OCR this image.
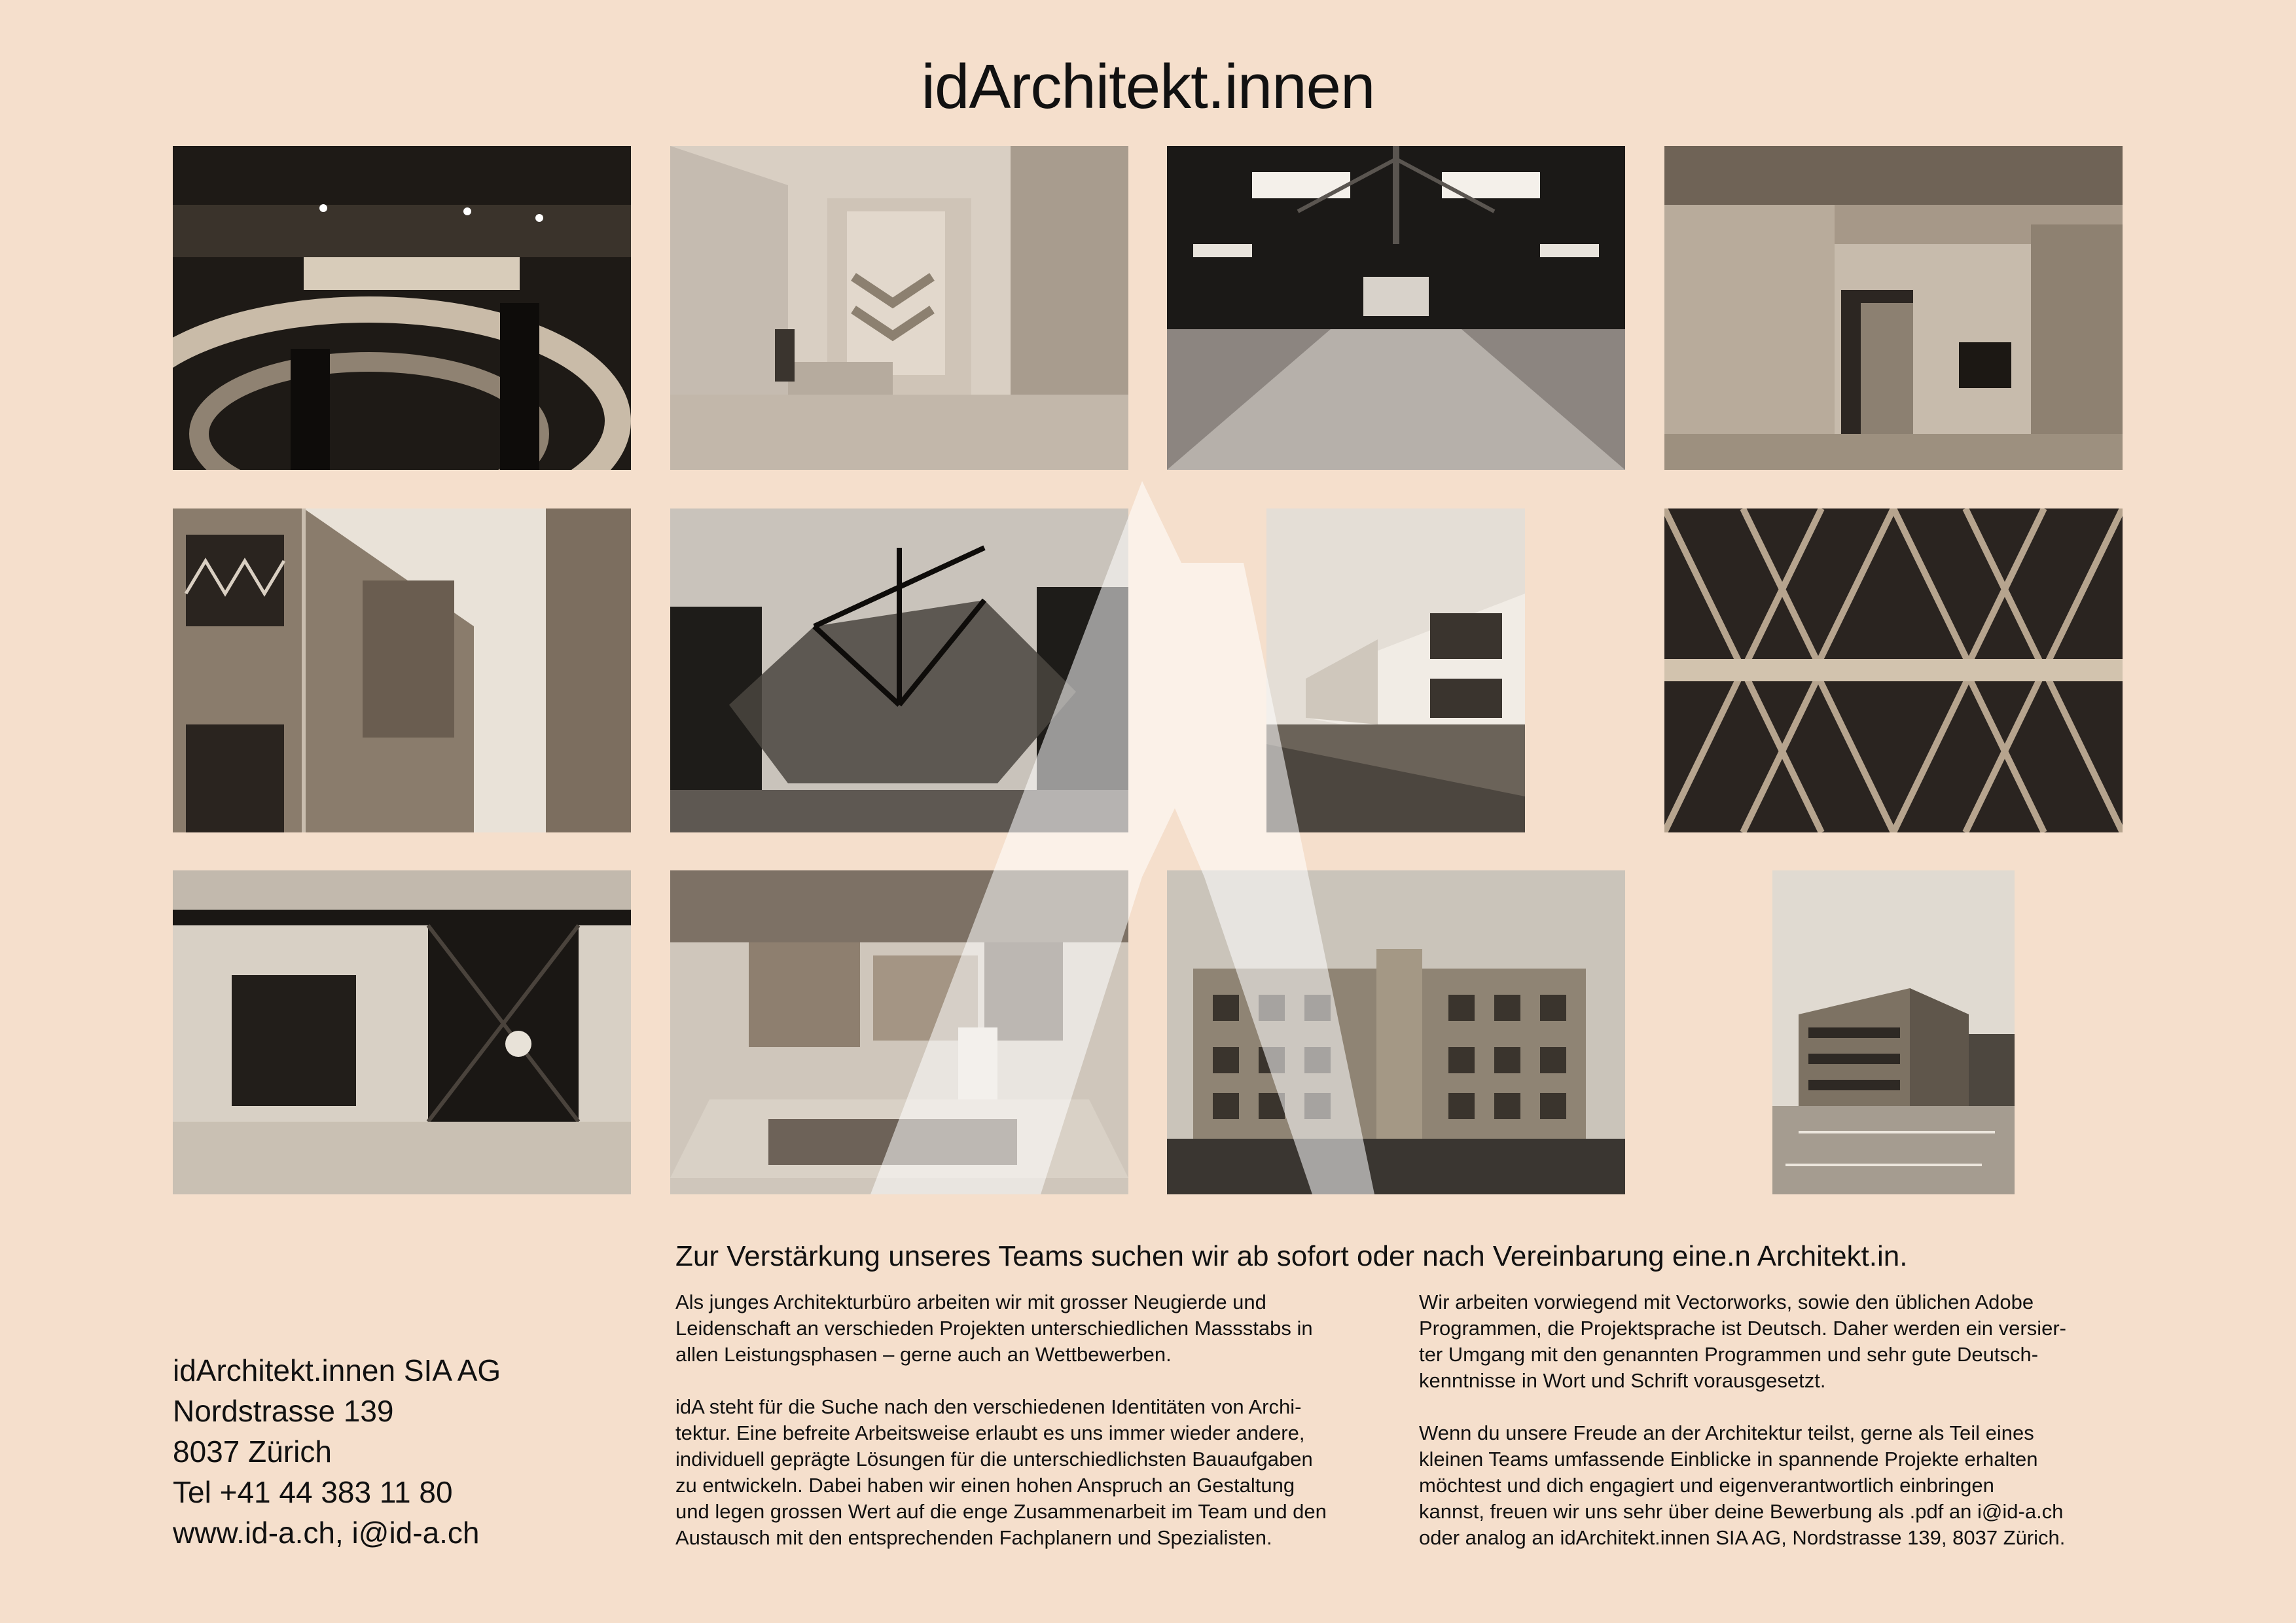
idArchitekt.innen
Zur Verstärkung unseres Teams suchen wir ab sofort oder nach Vereinbarung eine.n Architekt.in.

Als junges Architekturbüro arbeiten wir mit grosser Neugierde und
Leidenschaft an verschieden Projekten unterschiedlichen Massstabs in
allen Leistungsphasen – gerne auch an Wettbewerben.

idA steht für die Suche nach den verschiedenen Identitäten von Archi-
tektur. Eine befreite Arbeitsweise erlaubt es uns immer wieder andere,
individuell geprägte Lösungen für die unterschiedlichsten Bauaufgaben
zu entwickeln. Dabei haben wir einen hohen Anspruch an Gestaltung
und legen grossen Wert auf die enge Zusammenarbeit im Team und den
Austausch mit den entsprechenden Fachplanern und Spezialisten.

Wir arbeiten vorwiegend mit Vectorworks, sowie den üblichen Adobe
Programmen, die Projektsprache ist Deutsch. Daher werden ein versier-
ter Umgang mit den genannten Programmen und sehr gute Deutsch-
kenntnisse in Wort und Schrift vorausgesetzt.

Wenn du unsere Freude an der Architektur teilst, gerne als Teil eines
kleinen Teams umfassende Einblicke in spannende Projekte erhalten
möchtest und dich engagiert und eigenverantwortlich einbringen
kannst, freuen wir uns sehr über deine Bewerbung als .pdf an i@id-a.ch
oder analog an idArchitekt.innen SIA AG, Nordstrasse 139, 8037 Zürich.

idArchitekt.innen SIA AG
Nordstrasse 139
8037 Zürich
Tel +41 44 383 11 80
www.id-a.ch, i@id-a.ch
